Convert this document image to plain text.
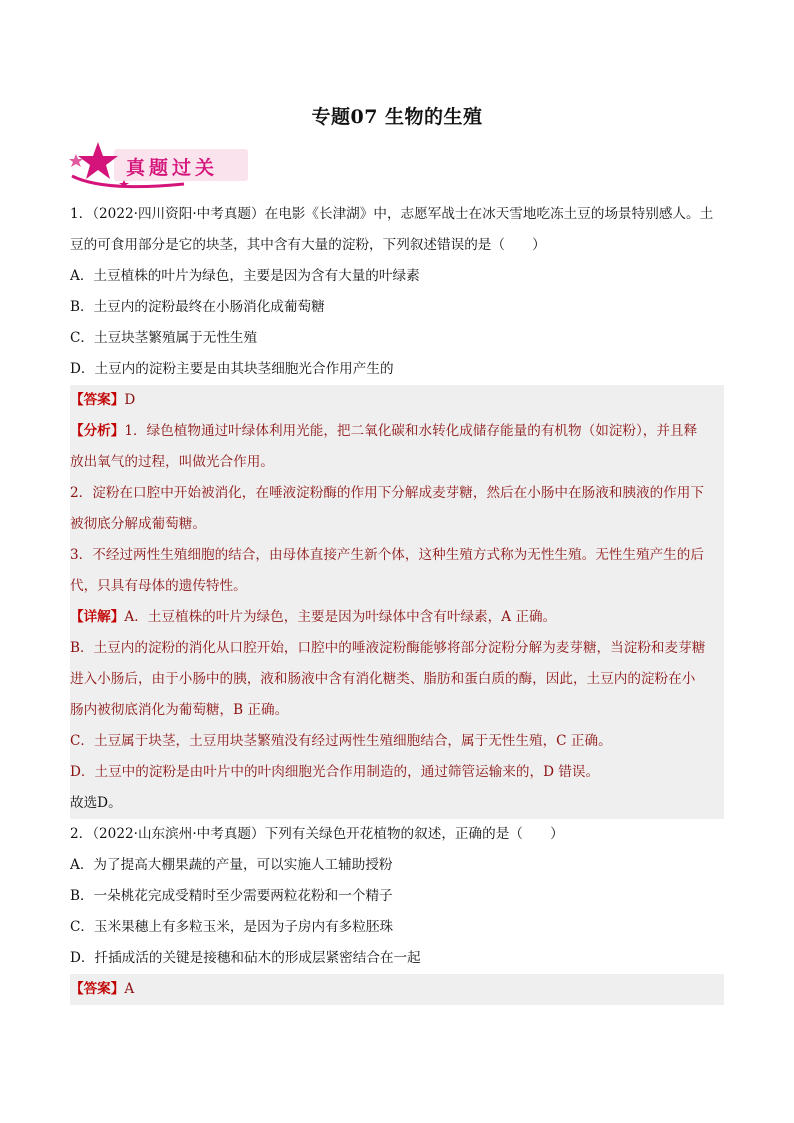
专题07 生物的生殖
真题过关
1．（2022·四川资阳·中考真题）在电影《长津湖》中，志愿军战士在冰天雪地吃冻土豆的场景特别感人。土
豆的可食用部分是它的块茎，其中含有大量的淀粉，下列叙述错误的是（　　）
A．土豆植株的叶片为绿色，主要是因为含有大量的叶绿素
B．土豆内的淀粉最终在小肠消化成葡萄糖
C．土豆块茎繁殖属于无性生殖
D．土豆内的淀粉主要是由其块茎细胞光合作用产生的
【答案】D
【分析】1．绿色植物通过叶绿体利用光能，把二氧化碳和水转化成储存能量的有机物（如淀粉），并且释
放出氧气的过程，叫做光合作用。
2．淀粉在口腔中开始被消化，在唾液淀粉酶的作用下分解成麦芽糖，然后在小肠中在肠液和胰液的作用下
被彻底分解成葡萄糖。
3．不经过两性生殖细胞的结合，由母体直接产生新个体，这种生殖方式称为无性生殖。无性生殖产生的后
代，只具有母体的遗传特性。
【详解】A．土豆植株的叶片为绿色，主要是因为叶绿体中含有叶绿素，A 正确。
B．土豆内的淀粉的消化从口腔开始，口腔中的唾液淀粉酶能够将部分淀粉分解为麦芽糖，当淀粉和麦芽糖
进入小肠后，由于小肠中的胰，液和肠液中含有消化糖类、脂肪和蛋白质的酶，因此，土豆内的淀粉在小
肠内被彻底消化为葡萄糖，B 正确。
C．土豆属于块茎，土豆用块茎繁殖没有经过两性生殖细胞结合，属于无性生殖，C 正确。
D．土豆中的淀粉是由叶片中的叶肉细胞光合作用制造的，通过筛管运输来的，D 错误。
故选D。
2．（2022·山东滨州·中考真题）下列有关绿色开花植物的叙述，正确的是（　　）
A．为了提高大棚果蔬的产量，可以实施人工辅助授粉
B．一朵桃花完成受精时至少需要两粒花粉和一个精子
C．玉米果穗上有多粒玉米，是因为子房内有多粒胚珠
D．扦插成活的关键是接穗和砧木的形成层紧密结合在一起
【答案】A
